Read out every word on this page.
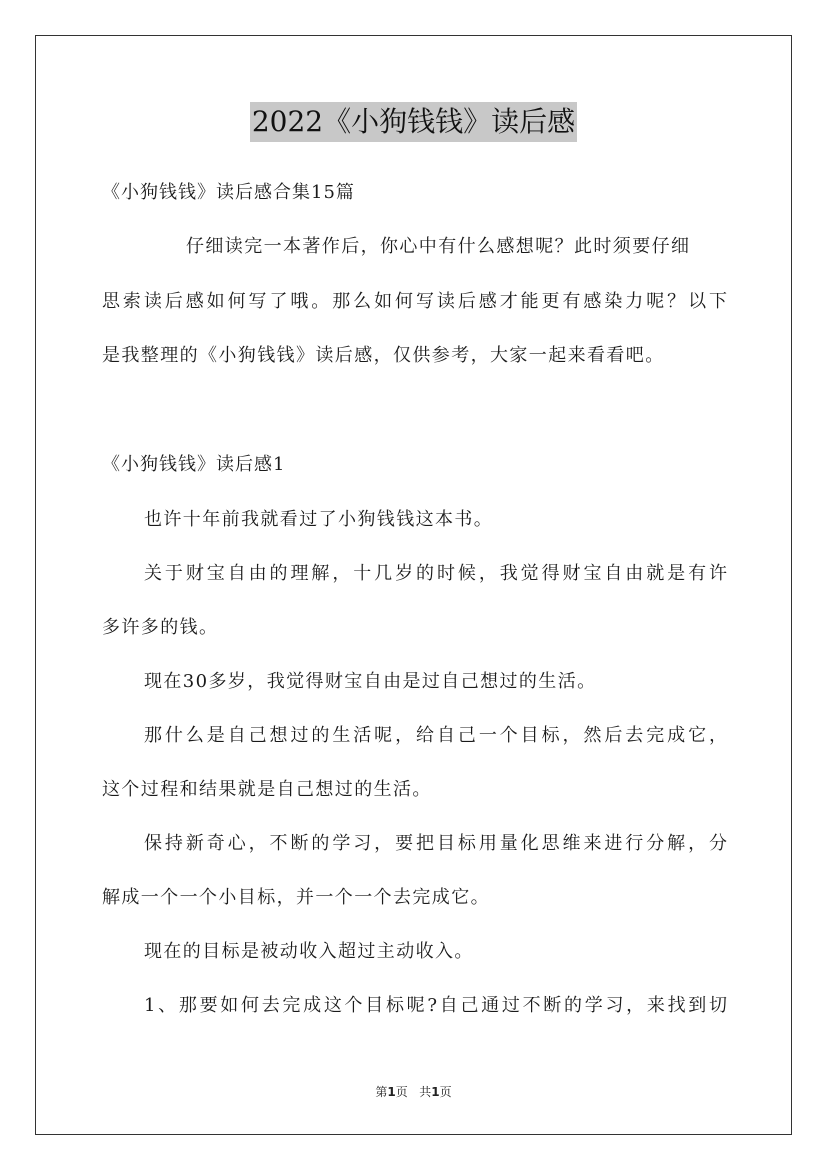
2022《小狗钱钱》读后感
《小狗钱钱》读后感合集15篇
仔细读完一本著作后，你心中有什么感想呢？此时须要仔细
思索读后感如何写了哦。那么如何写读后感才能更有感染力呢？以下
是我整理的《小狗钱钱》读后感，仅供参考，大家一起来看看吧。
《小狗钱钱》读后感1
也许十年前我就看过了小狗钱钱这本书。
关于财宝自由的理解，十几岁的时候，我觉得财宝自由就是有许
多许多的钱。
现在30多岁，我觉得财宝自由是过自己想过的生活。
那什么是自己想过的生活呢，给自己一个目标，然后去完成它，
这个过程和结果就是自己想过的生活。
保持新奇心，不断的学习，要把目标用量化思维来进行分解，分
解成一个一个小目标，并一个一个去完成它。
现在的目标是被动收入超过主动收入。
1、那要如何去完成这个目标呢?自己通过不断的学习，来找到切
第1页 共1页
